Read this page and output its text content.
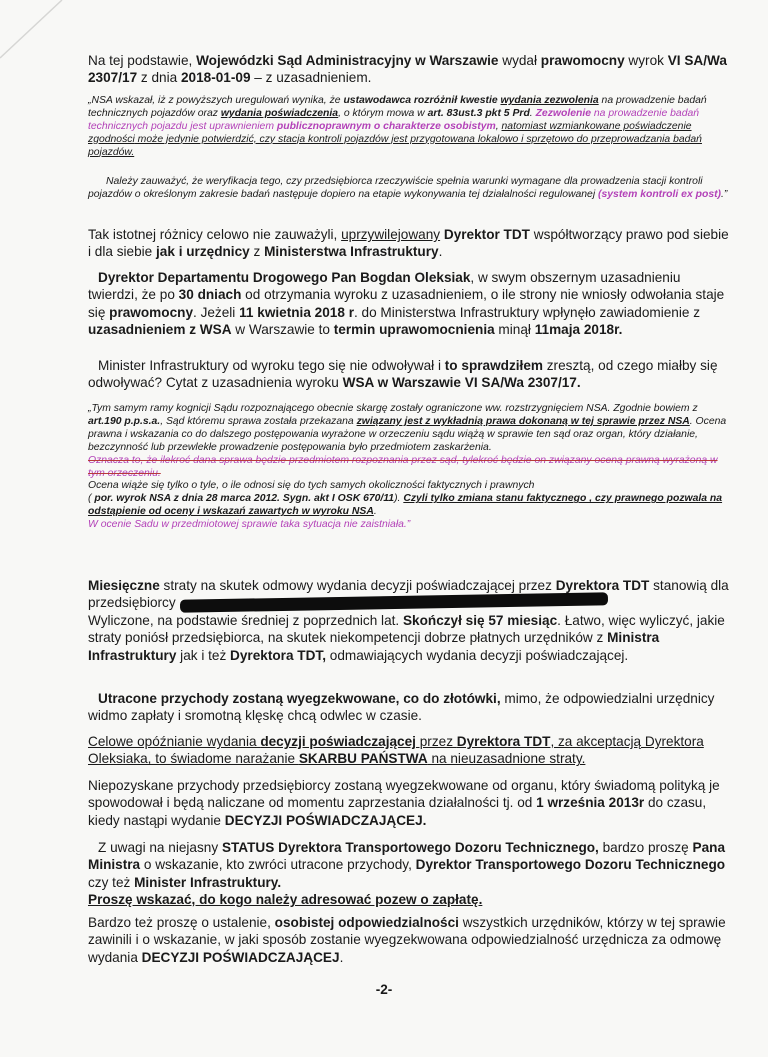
Na tej podstawie, Wojewódzki Sąd Administracyjny w Warszawie wydał prawomocny wyrok VI SA/Wa 2307/17 z dnia 2018-01-09 – z uzasadnieniem.

„NSA wskazał, iż z powyższych uregulowań wynika, że ustawodawca rozróżnił kwestie wydania zezwolenia na prowadzenie badań technicznych pojazdów oraz wydania poświadczenia, o którym mowa w art. 83ust.3 pkt 5 Prd. Zezwolenie na prowadzenie badań technicznych pojazdu jest uprawnieniem publicznoprawnym o charakterze osobistym, natomiast wzmiankowane poświadczenie zgodności może jedynie potwierdzić, czy stacja kontroli pojazdów jest przygotowana lokalowo i sprzętowo do przeprowadzania badań pojazdów.

Należy zauważyć, że weryfikacja tego, czy przedsiębiorca rzeczywiście spełnia warunki wymagane dla prowadzenia stacji kontroli pojazdów o określonym zakresie badań następuje dopiero na etapie wykonywania tej działalności regulowanej (system kontroli ex post).”

Tak istotnej różnicy celowo nie zauważyli, uprzywilejowany Dyrektor TDT współtworzący prawo pod siebie i dla siebie jak i urzędnicy z Ministerstwa Infrastruktury.

Dyrektor Departamentu Drogowego Pan Bogdan Oleksiak, w swym obszernym uzasadnieniu twierdzi, że po 30 dniach od otrzymania wyroku z uzasadnieniem, o ile strony nie wniosły odwołania staje się prawomocny. Jeżeli 11 kwietnia 2018 r. do Ministerstwa Infrastruktury wpłynęło zawiadomienie z uzasadnieniem z WSA w Warszawie to termin uprawomocnienia minął 11maja 2018r.

Minister Infrastruktury od wyroku tego się nie odwoływał i to sprawdziłem zresztą, od czego miałby się odwoływać? Cytat z uzasadnienia wyroku WSA w Warszawie VI SA/Wa 2307/17.

„Tym samym ramy kognicji Sądu rozpoznającego obecnie skargę zostały ograniczone ww. rozstrzygnięciem NSA. Zgodnie bowiem z art.190 p.p.s.a., Sąd któremu sprawa została przekazana związany jest z wykładnią prawa dokonaną w tej sprawie przez NSA. Ocena prawna i wskazania co do dalszego postępowania wyrażone w orzeczeniu sądu wiążą w sprawie ten sąd oraz organ, który działanie, bezczynność lub przewlekłe prowadzenie postępowania było przedmiotem zaskarżenia.
Oznacza to, że ilekroć dana sprawa będzie przedmiotem rozpoznania przez sąd, tylekroć będzie on związany oceną prawną wyrażoną w tym orzeczeniu.
Ocena wiąże się tylko o tyle, o ile odnosi się do tych samych okoliczności faktycznych i prawnych
( por. wyrok NSA z dnia 28 marca 2012. Sygn. akt I OSK 670/11). Czyli tylko zmiana stanu faktycznego , czy prawnego pozwala na odstąpienie od oceny i wskazań zawartych w wyroku NSA.
W ocenie Sadu w przedmiotowej sprawie taka sytuacja nie zaistniała.”

Miesięczne straty na skutek odmowy wydania decyzji poświadczającej przez Dyrektora TDT stanowią dla przedsiębiorcy
Wyliczone, na podstawie średniej z poprzednich lat. Skończył się 57 miesiąc. Łatwo, więc wyliczyć, jakie straty poniósł przedsiębiorca, na skutek niekompetencji dobrze płatnych urzędników z Ministra Infrastruktury jak i też Dyrektora TDT, odmawiających wydania decyzji poświadczającej.

Utracone przychody zostaną wyegzekwowane, co do złotówki, mimo, że odpowiedzialni urzędnicy widmo zapłaty i sromotną klęskę chcą odwlec w czasie.

Celowe opóźnianie wydania decyzji poświadczającej przez Dyrektora TDT, za akceptacją Dyrektora Oleksiaka, to świadome narażanie SKARBU PAŃSTWA na nieuzasadnione straty.

Niepozyskane przychody przedsiębiorcy zostaną wyegzekwowane od organu, który świadomą polityką je spowodował i będą naliczane od momentu zaprzestania działalności tj. od 1 września 2013r do czasu, kiedy nastąpi wydanie DECYZJI POŚWIADCZAJĄCEJ.

Z uwagi na niejasny STATUS Dyrektora Transportowego Dozoru Technicznego, bardzo proszę Pana Ministra o wskazanie, kto zwróci utracone przychody, Dyrektor Transportowego Dozoru Technicznego czy też Minister Infrastruktury.

Proszę wskazać, do kogo należy adresować pozew o zapłatę.

Bardzo też proszę o ustalenie, osobistej odpowiedzialności wszystkich urzędników, którzy w tej sprawie zawinili i o wskazanie, w jaki sposób zostanie wyegzekwowana odpowiedzialność urzędnicza za odmowę wydania DECYZJI POŚWIADCZAJĄCEJ.

-2-
